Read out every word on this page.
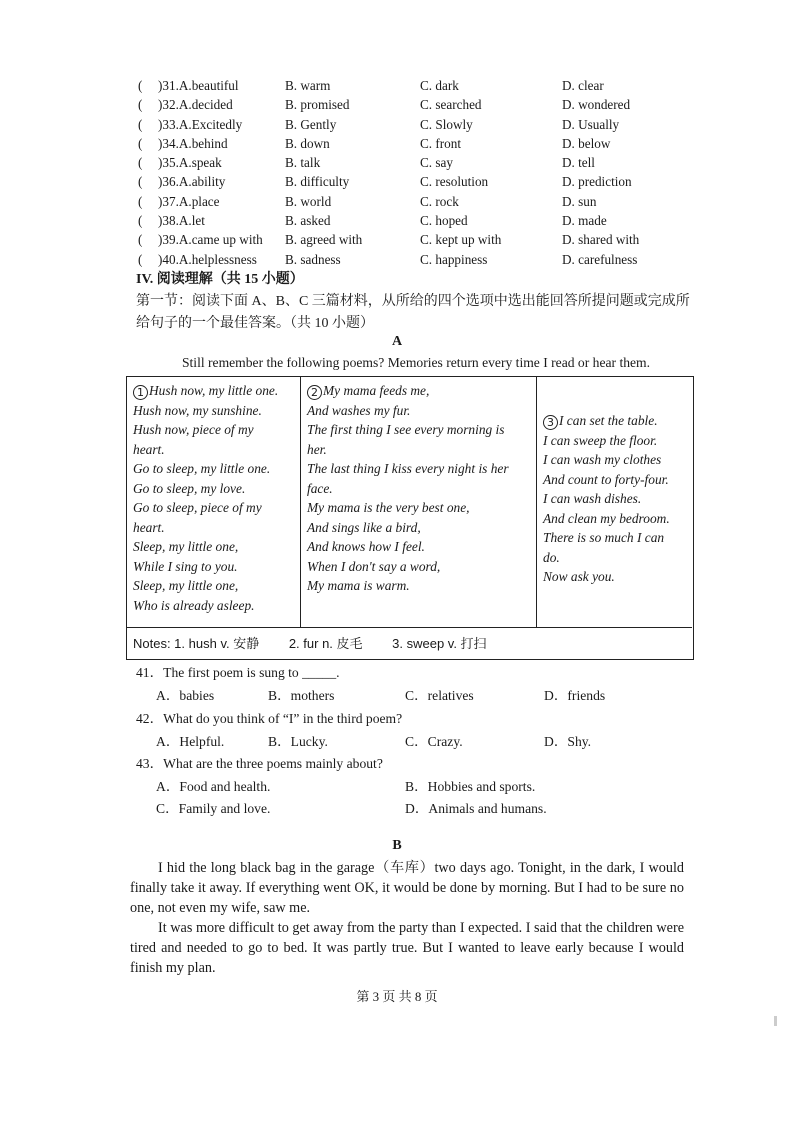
( )31.A.beautiful	B. warm	C. dark	D. clear
( )32.A.decided	B. promised	C. searched	D. wondered
( )33.A.Excitedly	B. Gently	C. Slowly	D. Usually
( )34.A.behind	B. down	C. front	D. below
( )35.A.speak	B. talk	C. say	D. tell
( )36.A.ability	B. difficulty	C. resolution	D. prediction
( )37.A.place	B. world	C. rock	D. sun
( )38.A.let	B. asked	C. hoped	D. made
( )39.A.came up with B. agreed with	C. kept up with	D. shared with
( )40.A.helplessness B. sadness	C. happiness	D. carefulness
IV. 阅读理解（共 15 小题）
第一节：阅读下面 A、B、C 三篇材料，从所给的四个选项中选出能回答所提问题或完成所给句子的一个最佳答案。（共 10 小题）
A
Still remember the following poems? Memories return every time I read or hear them.
1 Hush now, my little one.
Hush now, my sunshine.
Hush now, piece of my
heart.
Go to sleep, my little one.
Go to sleep, my love.
Go to sleep, piece of my
heart.
Sleep, my little one,
While I sing to you.
Sleep, my little one,
Who is already asleep.
2 My mama feeds me,
And washes my fur.
The first thing I see every morning is
her.
The last thing I kiss every night is her
face.
My mama is the very best one,
And sings like a bird,
And knows how I feel.
When I don't say a word,
My mama is warm.
3 I can set the table.
I can sweep the floor.
I can wash my clothes
And count to forty-four.
I can wash dishes.
And clean my bedroom.
There is so much I can
do.
Now ask you.
Notes: 1. hush v. 安静 2. fur n. 皮毛 3. sweep v. 打扫
41．The first poem is sung to _____.
A．babies	B．mothers	C．relatives	D．friends
42．What do you think of “I” in the third poem?
A．Helpful.	B．Lucky.	C．Crazy.	D．Shy.
43．What are the three poems mainly about?
A．Food and health.	B．Hobbies and sports.
C．Family and love.	D．Animals and humans.
B
I hid the long black bag in the garage（车库）two days ago. Tonight, in the dark, I would finally take it away. If everything went OK, it would be done by morning. But I had to be sure no one, not even my wife, saw me.
It was more difficult to get away from the party than I expected. I said that the children were tired and needed to go to bed. It was partly true. But I wanted to leave early because I would finish my plan.
第 3 页 共 8 页
